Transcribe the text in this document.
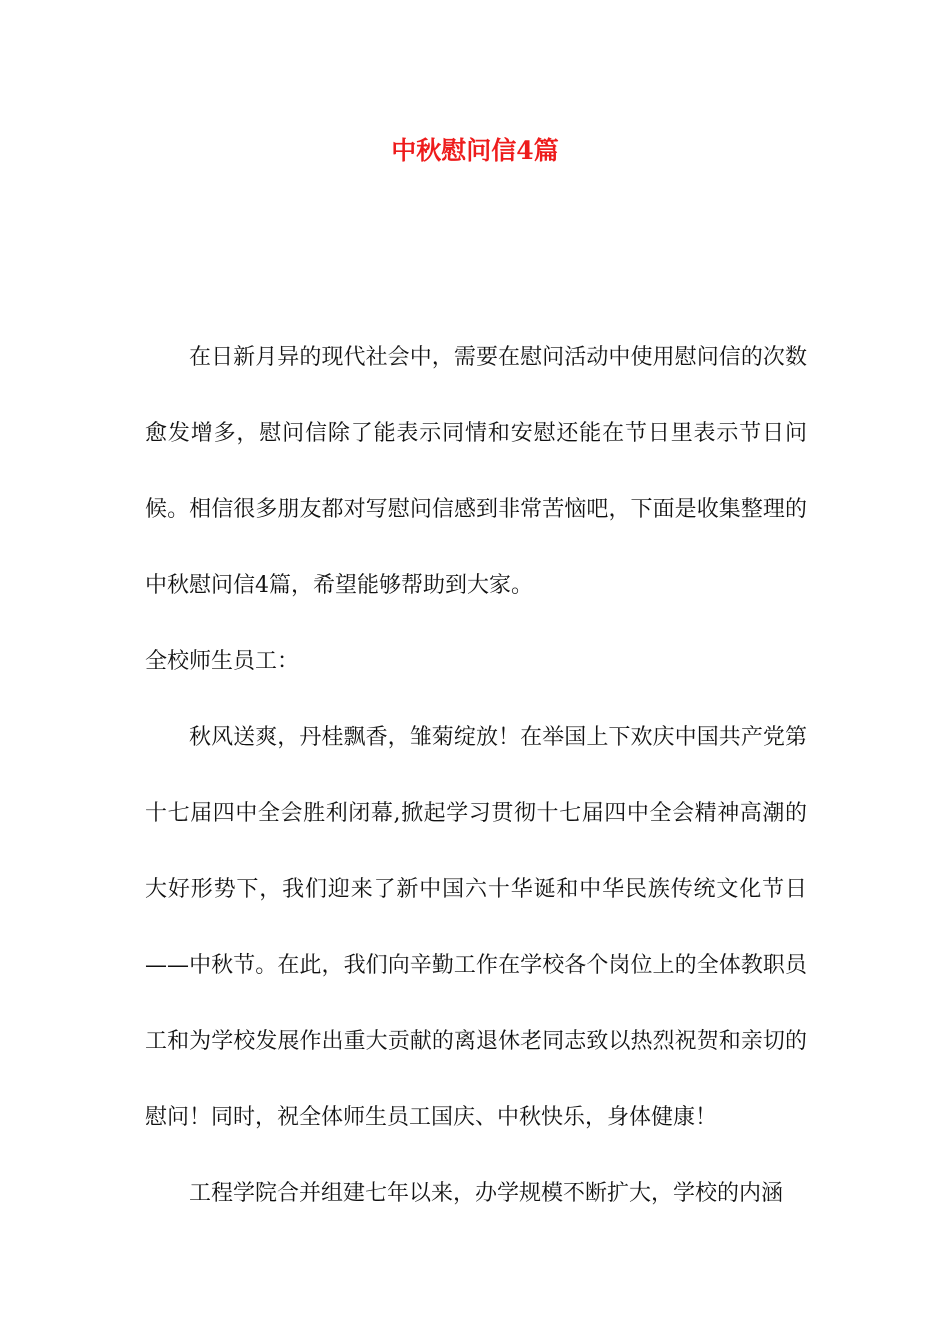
中秋慰问信4篇

在日新月异的现代社会中，需要在慰问活动中使用慰问信的次数愈发增多，慰问信除了能表示同情和安慰还能在节日里表示节日问候。相信很多朋友都对写慰问信感到非常苦恼吧，下面是收集整理的中秋慰问信4篇，希望能够帮助到大家。

全校师生员工：

秋风送爽，丹桂飘香，雏菊绽放！在举国上下欢庆中国共产党第十七届四中全会胜利闭幕,掀起学习贯彻十七届四中全会精神高潮的大好形势下，我们迎来了新中国六十华诞和中华民族传统文化节日——中秋节。在此，我们向辛勤工作在学校各个岗位上的全体教职员工和为学校发展作出重大贡献的离退休老同志致以热烈祝贺和亲切的慰问！同时，祝全体师生员工国庆、中秋快乐，身体健康！

工程学院合并组建七年以来，办学规模不断扩大，学校的内涵
